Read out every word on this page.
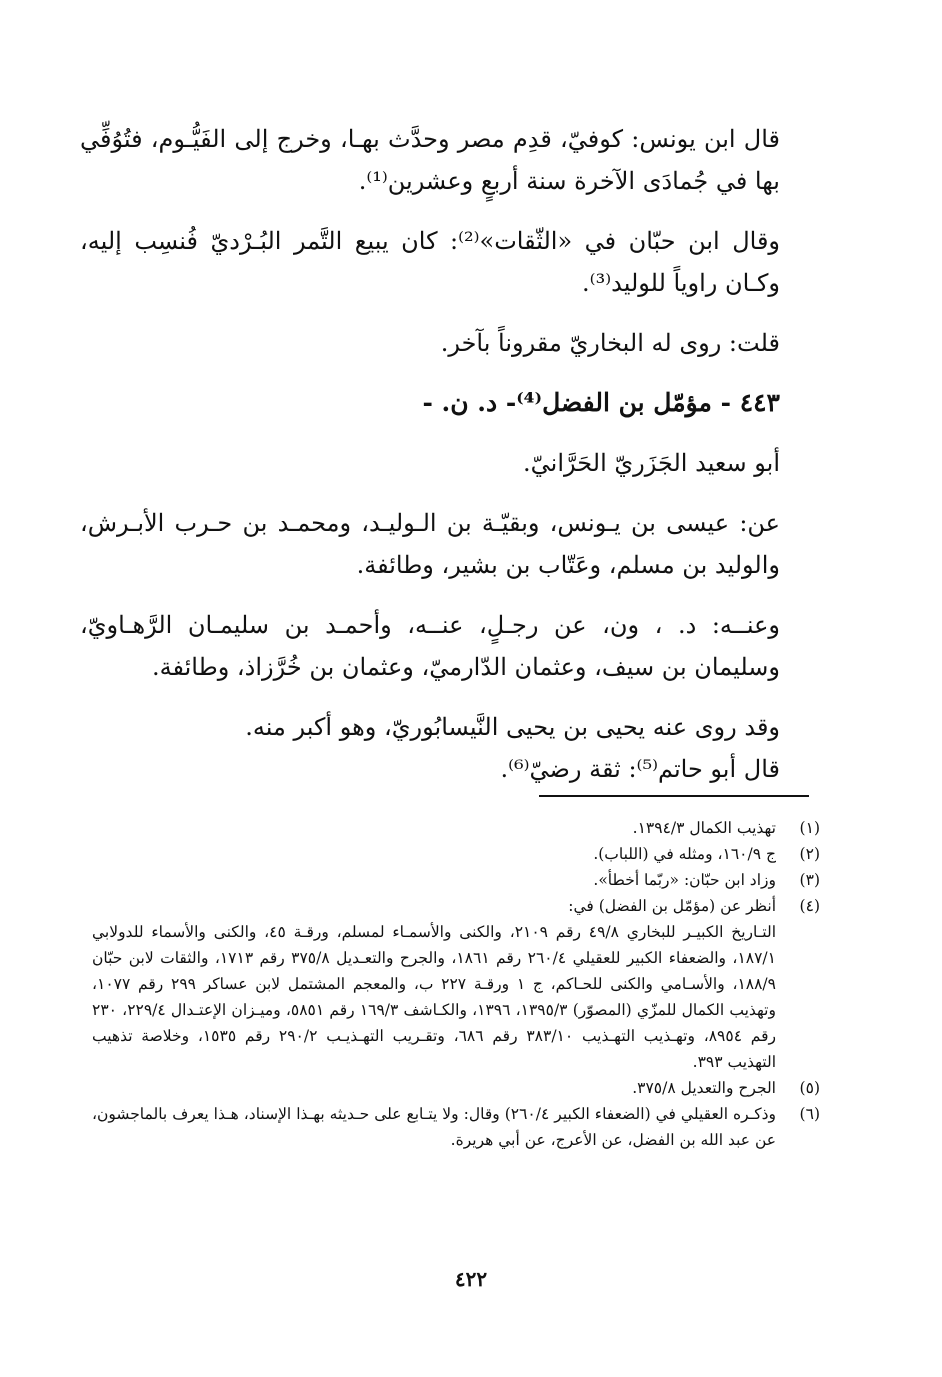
قال ابن يونس: كوفيّ، قدِم مصر وحدَّث بهـا، وخرج إلى الفَيُّـوم، فتُوُفِّي بها في جُمادَى الآخرة سنة أربعٍ وعشرين⁽¹⁾.

وقال ابن حبّان في «الثّقات»⁽²⁾: كان يبيع التَّمر البُـرْديّ فُنسِب إليه، وكـان راوياً للوليد⁽³⁾.

قلت: روى له البخاريّ مقروناً بآخر.

٤٤٣ - مؤمّل بن الفضل⁽⁴⁾- د. ن. -

أبو سعيد الجَزَريّ الحَرَّانيّ.

عن: عيسى بن يـونس، وبقيّـة بن الـوليـد، ومحمـد بن حـرب الأبـرش، والوليد بن مسلم، وعَتّاب بن بشير، وطائفة.

وعنــه: د. ، ون، عن رجـلٍ، عنــه، وأحمـد بن سليمـان الرَّهـاويّ، وسليمان بن سيف، وعثمان الدّارميّ، وعثمان بن خُرَّزاذ، وطائفة.

وقد روى عنه يحيى بن يحيى النَّيسابُوريّ، وهو أكبر منه.

قال أبو حاتم⁽⁵⁾: ثقة رضيّ⁽⁶⁾.

(١)
تهذيب الكمال ١٣٩٤/٣.
(٢)
ج ١٦٠/٩، ومثله في (اللباب).
(٣)
وزاد ابن حبّان: «ربّما أخطأ».
(٤)
أنظر عن (مؤمّل بن الفضل) في:
التـاريخ الكبيـر للبخاري ٤٩/٨ رقم ٢١٠٩، والكنى والأسمـاء لمسلم، ورقـة ٤٥، والكنى والأسماء للدولابي ١٨٧/١، والضعفاء الكبير للعقيلي ٢٦٠/٤ رقم ١٨٦١، والجرح والتعـديل ٣٧٥/٨ رقم ١٧١٣، والثقات لابن حبّان ١٨٨/٩، والأسـامي والكنى للحـاكم، ج ١ ورقـة ٢٢٧ ب، والمعجم المشتمل لابن عساكر ٢٩٩ رقم ١٠٧٧، وتهذيب الكمال للمزّي (المصوّر) ١٣٩٥/٣، ١٣٩٦، والكـاشف ١٦٩/٣ رقم ٥٨٥١، وميـزان الإعتـدال ٢٢٩/٤، ٢٣٠ رقم ٨٩٥٤، وتهـذيب التهـذيب ٣٨٣/١٠ رقم ٦٨٦، وتقـريب التهـذيـب ٢٩٠/٢ رقم ١٥٣٥، وخلاصة تذهيب التهذيب ٣٩٣.
(٥)
الجرح والتعديل ٣٧٥/٨.
(٦)
وذكـره العقيلي في (الضعفاء الكبير ٢٦٠/٤) وقال: ولا يتـابع على حـديثه بهـذا الإسناد، هـذا يعرف بالماجشون، عن عبد الله بن الفضل، عن الأعرج، عن أبي هريرة.
٤٢٢
